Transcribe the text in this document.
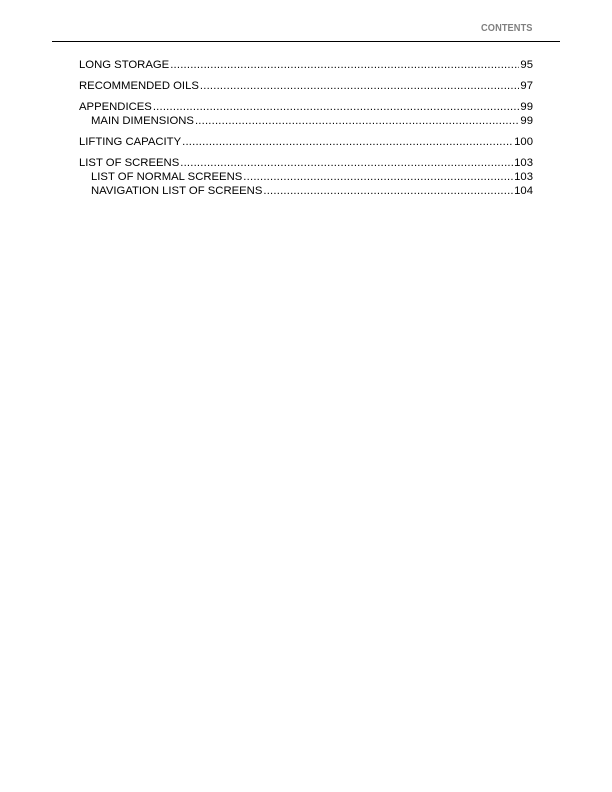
CONTENTS
LONG STORAGE .....	95
RECOMMENDED OILS .....	97
APPENDICES .....	99
MAIN DIMENSIONS .....	99
LIFTING CAPACITY .....	100
LIST OF SCREENS .....	103
LIST OF NORMAL SCREENS .....	103
NAVIGATION LIST OF SCREENS .....	104
